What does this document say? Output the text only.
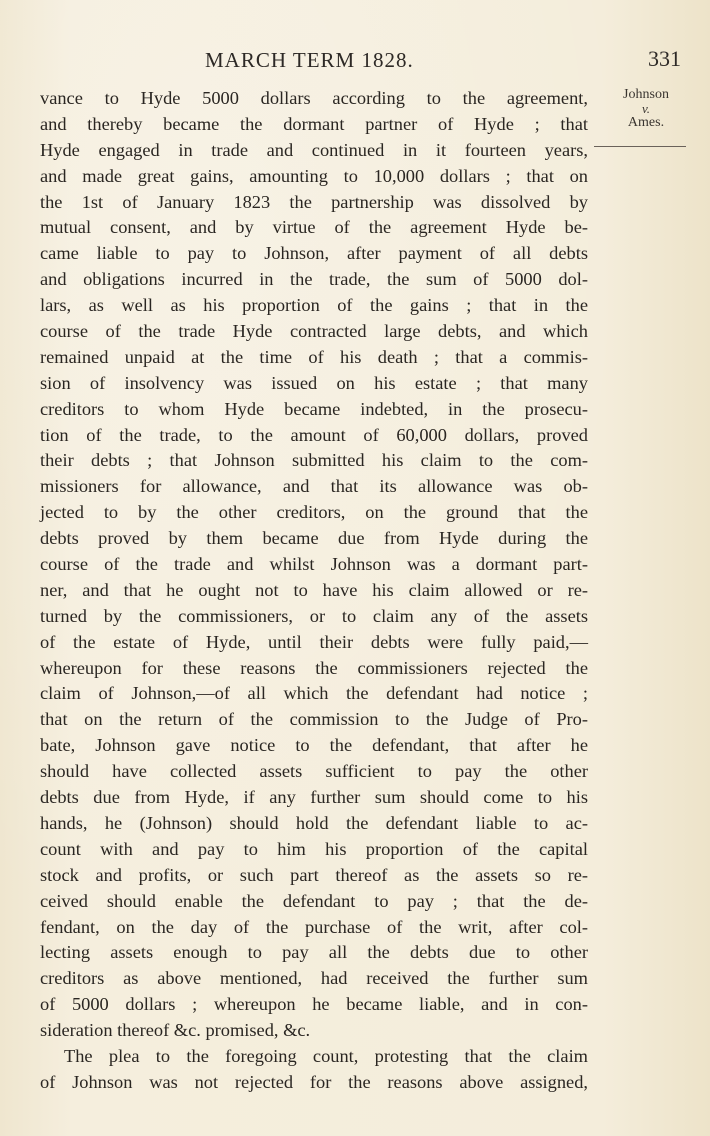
MARCH TERM 1828.	331
Johnson
v.
Ames.
vance to Hyde 5000 dollars according to the agreement,
and thereby became the dormant partner of Hyde ; that
Hyde engaged in trade and continued in it fourteen years,
and made great gains, amounting to 10,000 dollars ; that on
the 1st of January 1823 the partnership was dissolved by
mutual consent, and by virtue of the agreement Hyde be-
came liable to pay to Johnson, after payment of all debts
and obligations incurred in the trade, the sum of 5000 dol-
lars, as well as his proportion of the gains ; that in the
course of the trade Hyde contracted large debts, and which
remained unpaid at the time of his death ; that a commis-
sion of insolvency was issued on his estate ; that many
creditors to whom Hyde became indebted, in the prosecu-
tion of the trade, to the amount of 60,000 dollars, proved
their debts ; that Johnson submitted his claim to the com-
missioners for allowance, and that its allowance was ob-
jected to by the other creditors, on the ground that the
debts proved by them became due from Hyde during the
course of the trade and whilst Johnson was a dormant part-
ner, and that he ought not to have his claim allowed or re-
turned by the commissioners, or to claim any of the assets
of the estate of Hyde, until their debts were fully paid,—
whereupon for these reasons the commissioners rejected the
claim of Johnson,—of all which the defendant had notice ;
that on the return of the commission to the Judge of Pro-
bate, Johnson gave notice to the defendant, that after he
should have collected assets sufficient to pay the other
debts due from Hyde, if any further sum should come to his
hands, he (Johnson) should hold the defendant liable to ac-
count with and pay to him his proportion of the capital
stock and profits, or such part thereof as the assets so re-
ceived should enable the defendant to pay ; that the de-
fendant, on the day of the purchase of the writ, after col-
lecting assets enough to pay all the debts due to other
creditors as above mentioned, had received the further sum
of 5000 dollars ; whereupon he became liable, and in con-
sideration thereof &c. promised, &c.
The plea to the foregoing count, protesting that the claim
of Johnson was not rejected for the reasons above assigned,
